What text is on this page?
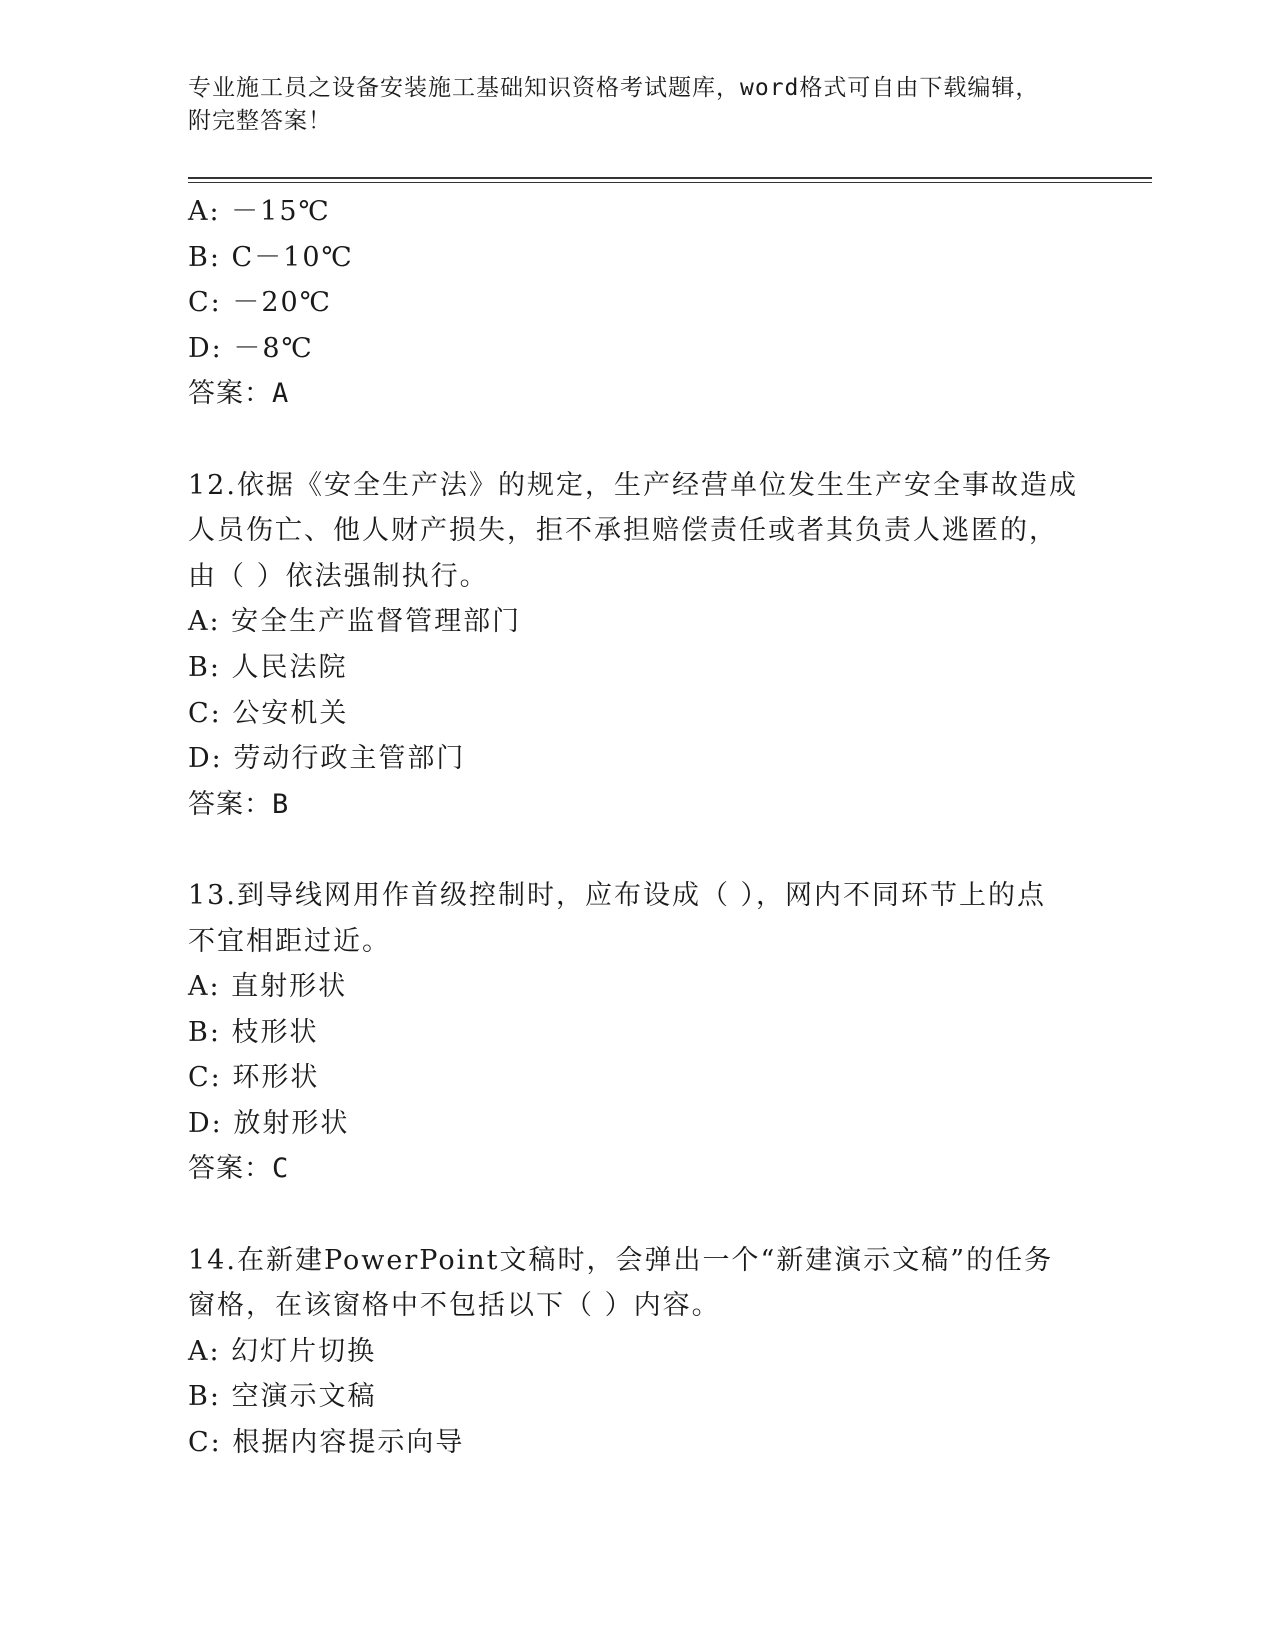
专业施工员之设备安装施工基础知识资格考试题库，word格式可自由下载编辑，
附完整答案！
A: －15℃
B: C－10℃
C: －20℃
D: －8℃
答案：A
12.依据《安全生产法》的规定，生产经营单位发生生产安全事故造成
人员伤亡、他人财产损失，拒不承担赔偿责任或者其负责人逃匿的，
由（ ）依法强制执行。
A: 安全生产监督管理部门
B: 人民法院
C: 公安机关
D: 劳动行政主管部门
答案：B
13.到导线网用作首级控制时，应布设成（ ），网内不同环节上的点
不宜相距过近。
A: 直射形状
B: 枝形状
C: 环形状
D: 放射形状
答案：C
14.在新建PowerPoint文稿时，会弹出一个“新建演示文稿”的任务
窗格，在该窗格中不包括以下（ ）内容。
A: 幻灯片切换
B: 空演示文稿
C: 根据内容提示向导
